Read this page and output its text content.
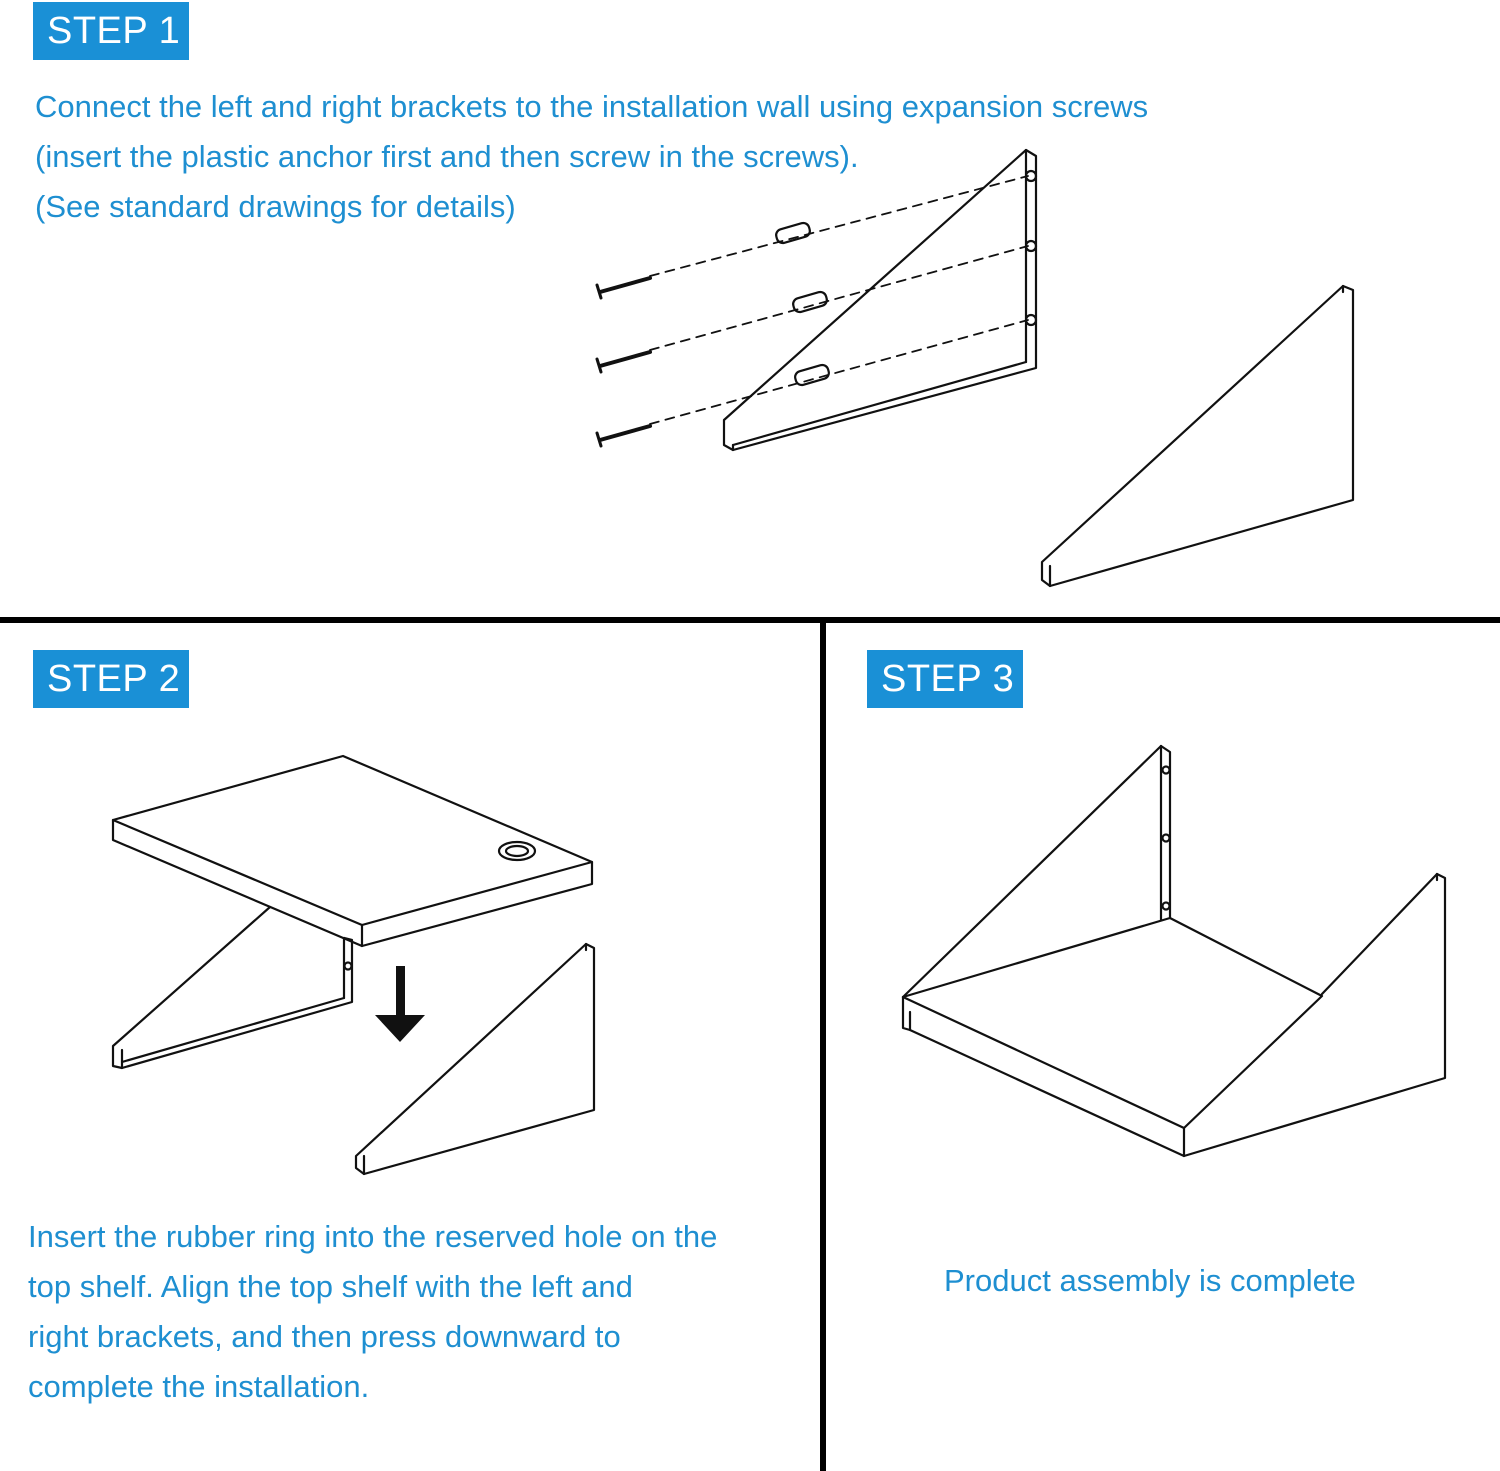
STEP 1

Connect the left and right brackets to the installation wall using expansion screws
(insert the plastic anchor first and then screw in the screws).
(See standard drawings for details)

STEP 2

Insert the rubber ring into the reserved hole on the
top shelf. Align the top shelf with the left and
right brackets, and then press downward to
complete the installation.

STEP 3

Product assembly is complete
